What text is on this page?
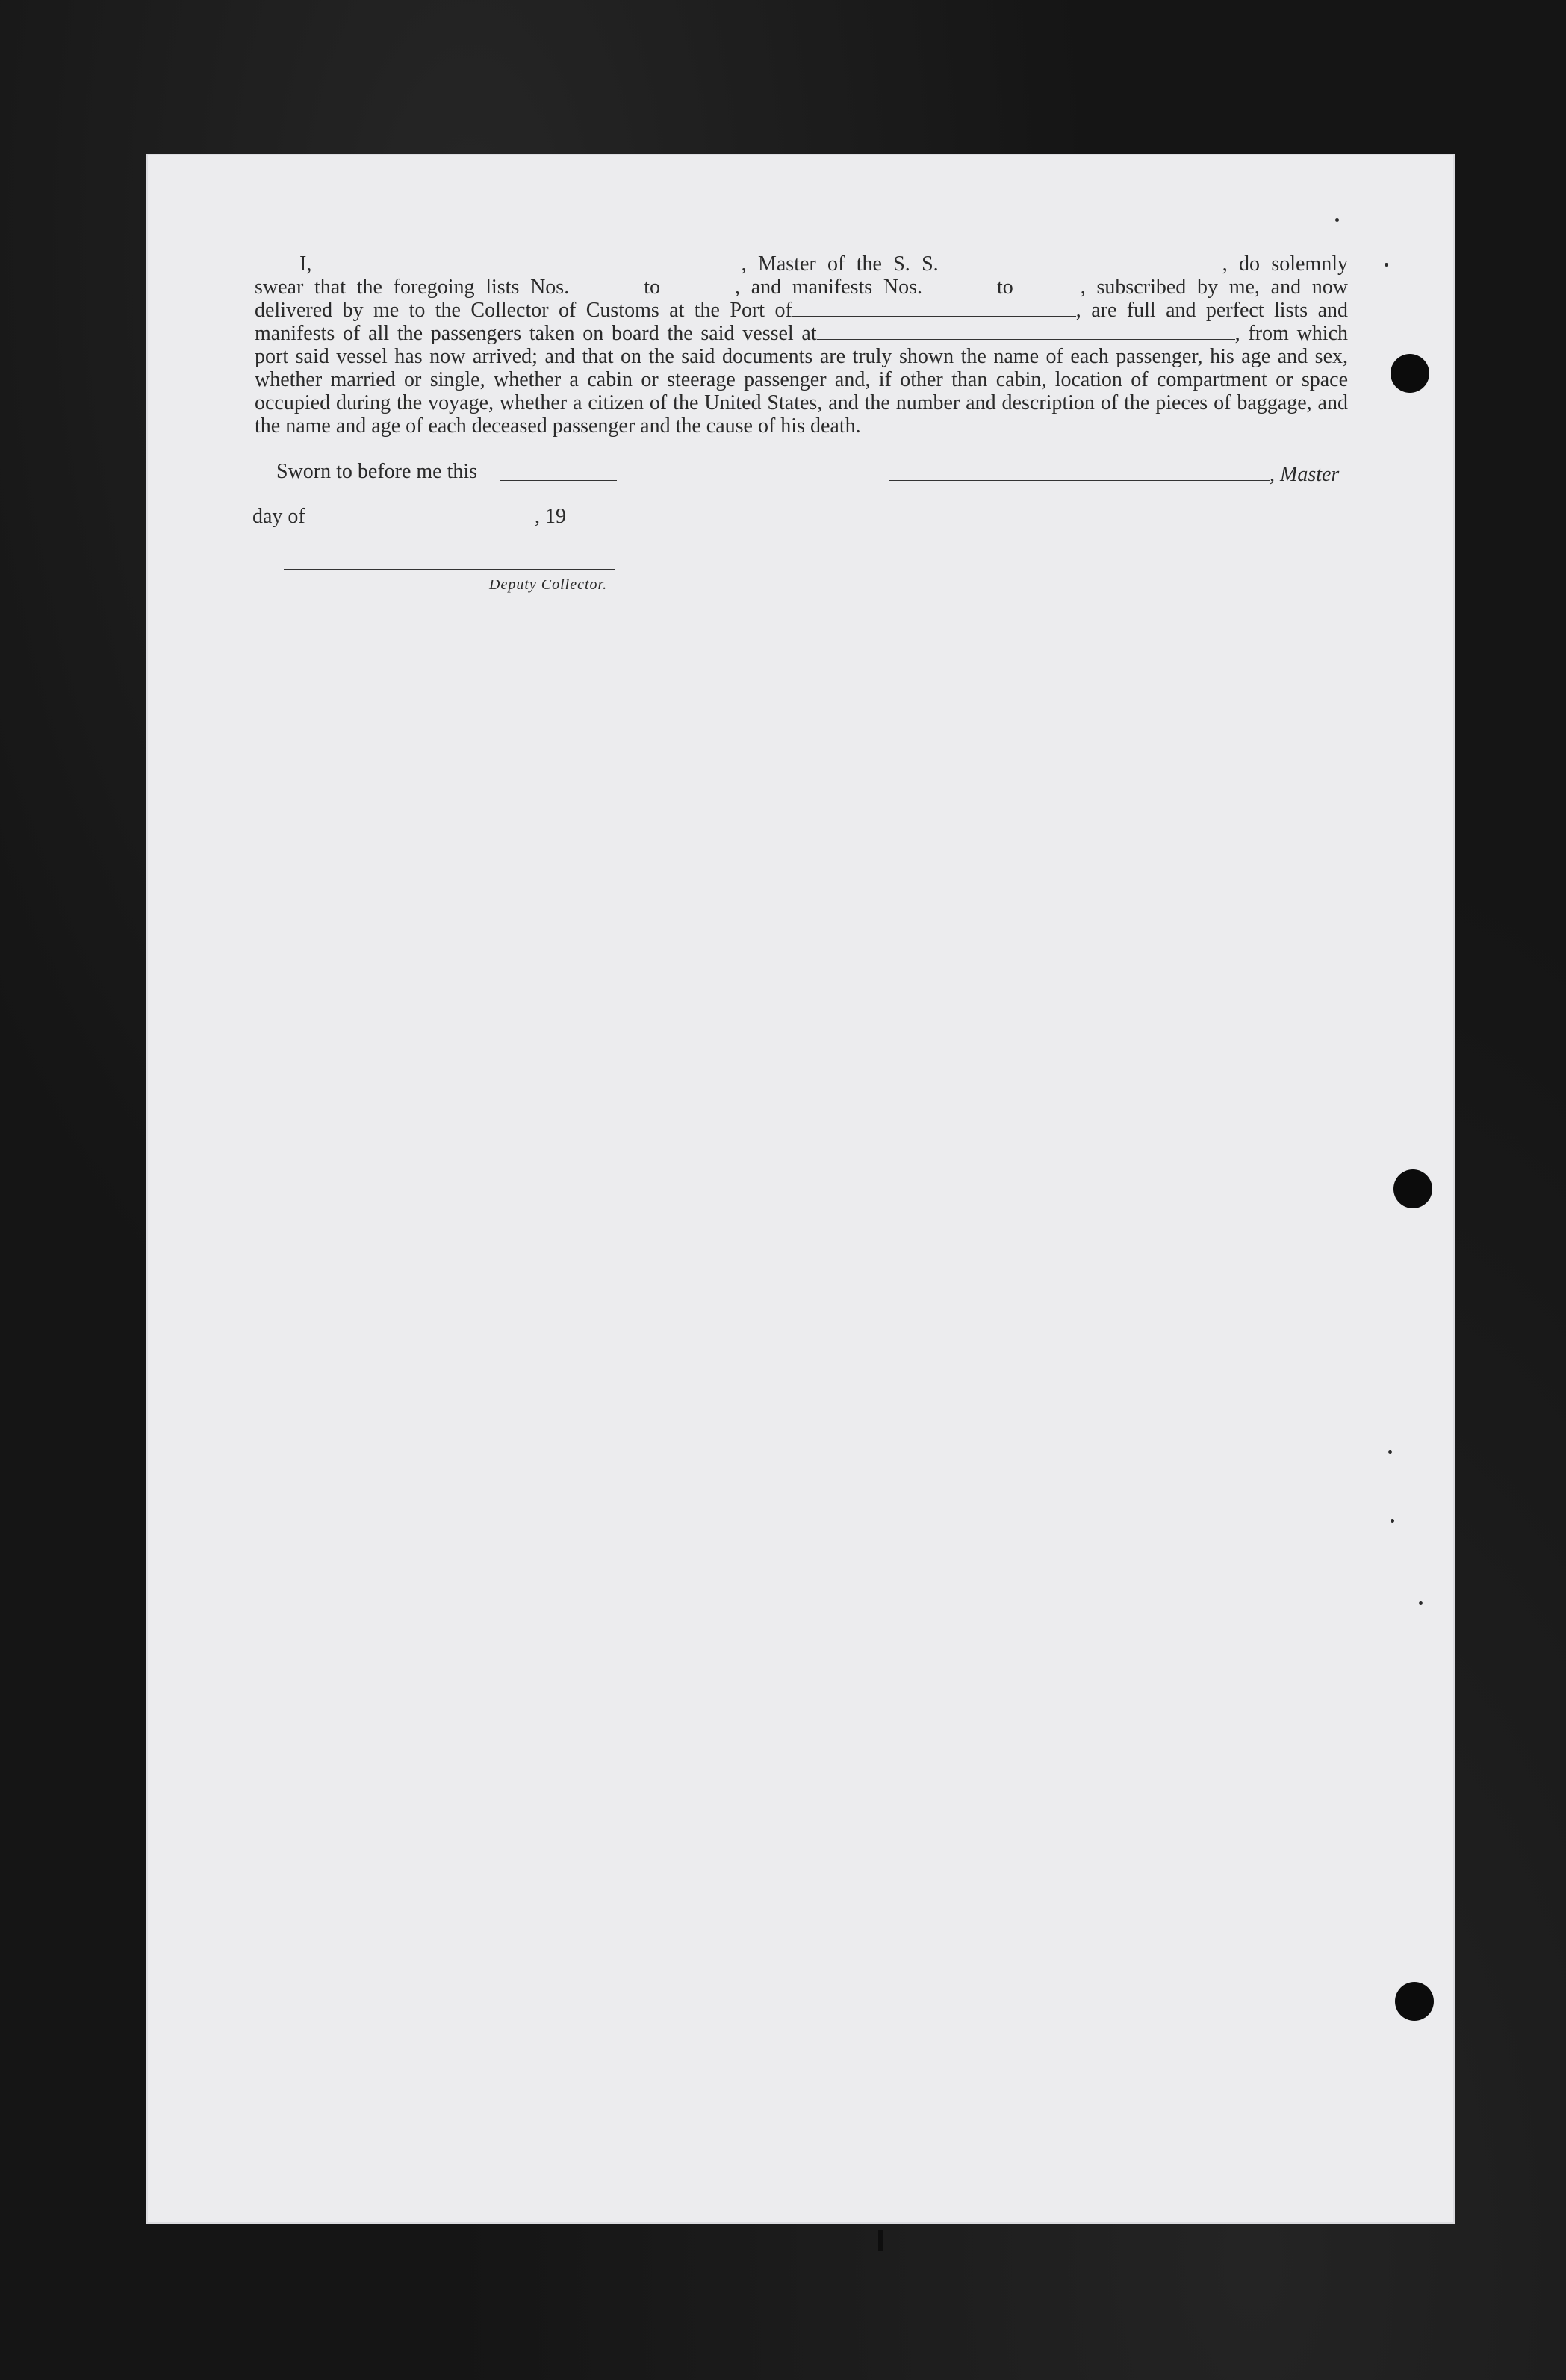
I,	, Master of the S. S.	, do solemnly swear that the foregoing lists Nos.	to	, and manifests Nos.	to	, subscribed by me, and now delivered by me to the Collector of Customs at the Port of	, are full and perfect lists and manifests of all the passengers taken on board the said vessel at	, from which port said vessel has now arrived; and that on the said documents are truly shown the name of each passenger, his age and sex, whether married or single, whether a cabin or steerage passenger and, if other than cabin, location of compartment or space occupied during the voyage, whether a citizen of the United States, and the number and description of the pieces of baggage, and the name and age of each deceased passenger and the cause of his death.

Sworn to before me this	, Master
day of	, 19
Deputy Collector.
